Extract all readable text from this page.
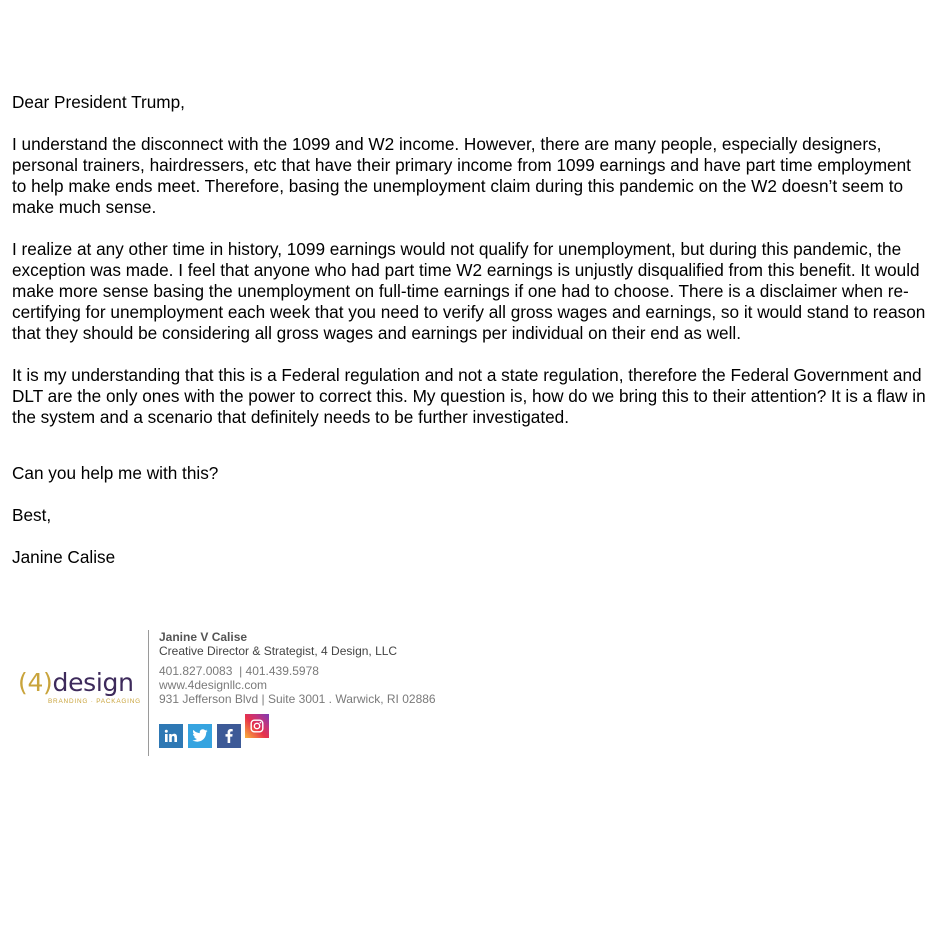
Dear President Trump,

I understand the disconnect with the 1099 and W2 income. However, there are many people, especially designers, personal trainers, hairdressers, etc that have their primary income from 1099 earnings and have part time employment to help make ends meet. Therefore, basing the unemployment claim during this pandemic on the W2 doesn’t seem to make much sense.

I realize at any other time in history, 1099 earnings would not qualify for unemployment, but during this pandemic, the exception was made. I feel that anyone who had part time W2 earnings is unjustly disqualified from this benefit. It would make more sense basing the unemployment on full-time earnings if one had to choose. There is a disclaimer when re-certifying for unemployment each week that you need to verify all gross wages and earnings, so it would stand to reason that they should be considering all gross wages and earnings per individual on their end as well.

It is my understanding that this is a Federal regulation and not a state regulation, therefore the Federal Government and DLT are the only ones with the power to correct this. My question is, how do we bring this to their attention? It is a flaw in the system and a scenario that definitely needs to be further investigated.

Can you help me with this?

Best,

Janine Calise

(4)design
BRANDING · PACKAGING
Janine V Calise
Creative Director & Strategist, 4 Design, LLC
401.827.0083  | 401.439.5978
www.4designllc.com
931 Jefferson Blvd | Suite 3001 . Warwick, RI 02886
